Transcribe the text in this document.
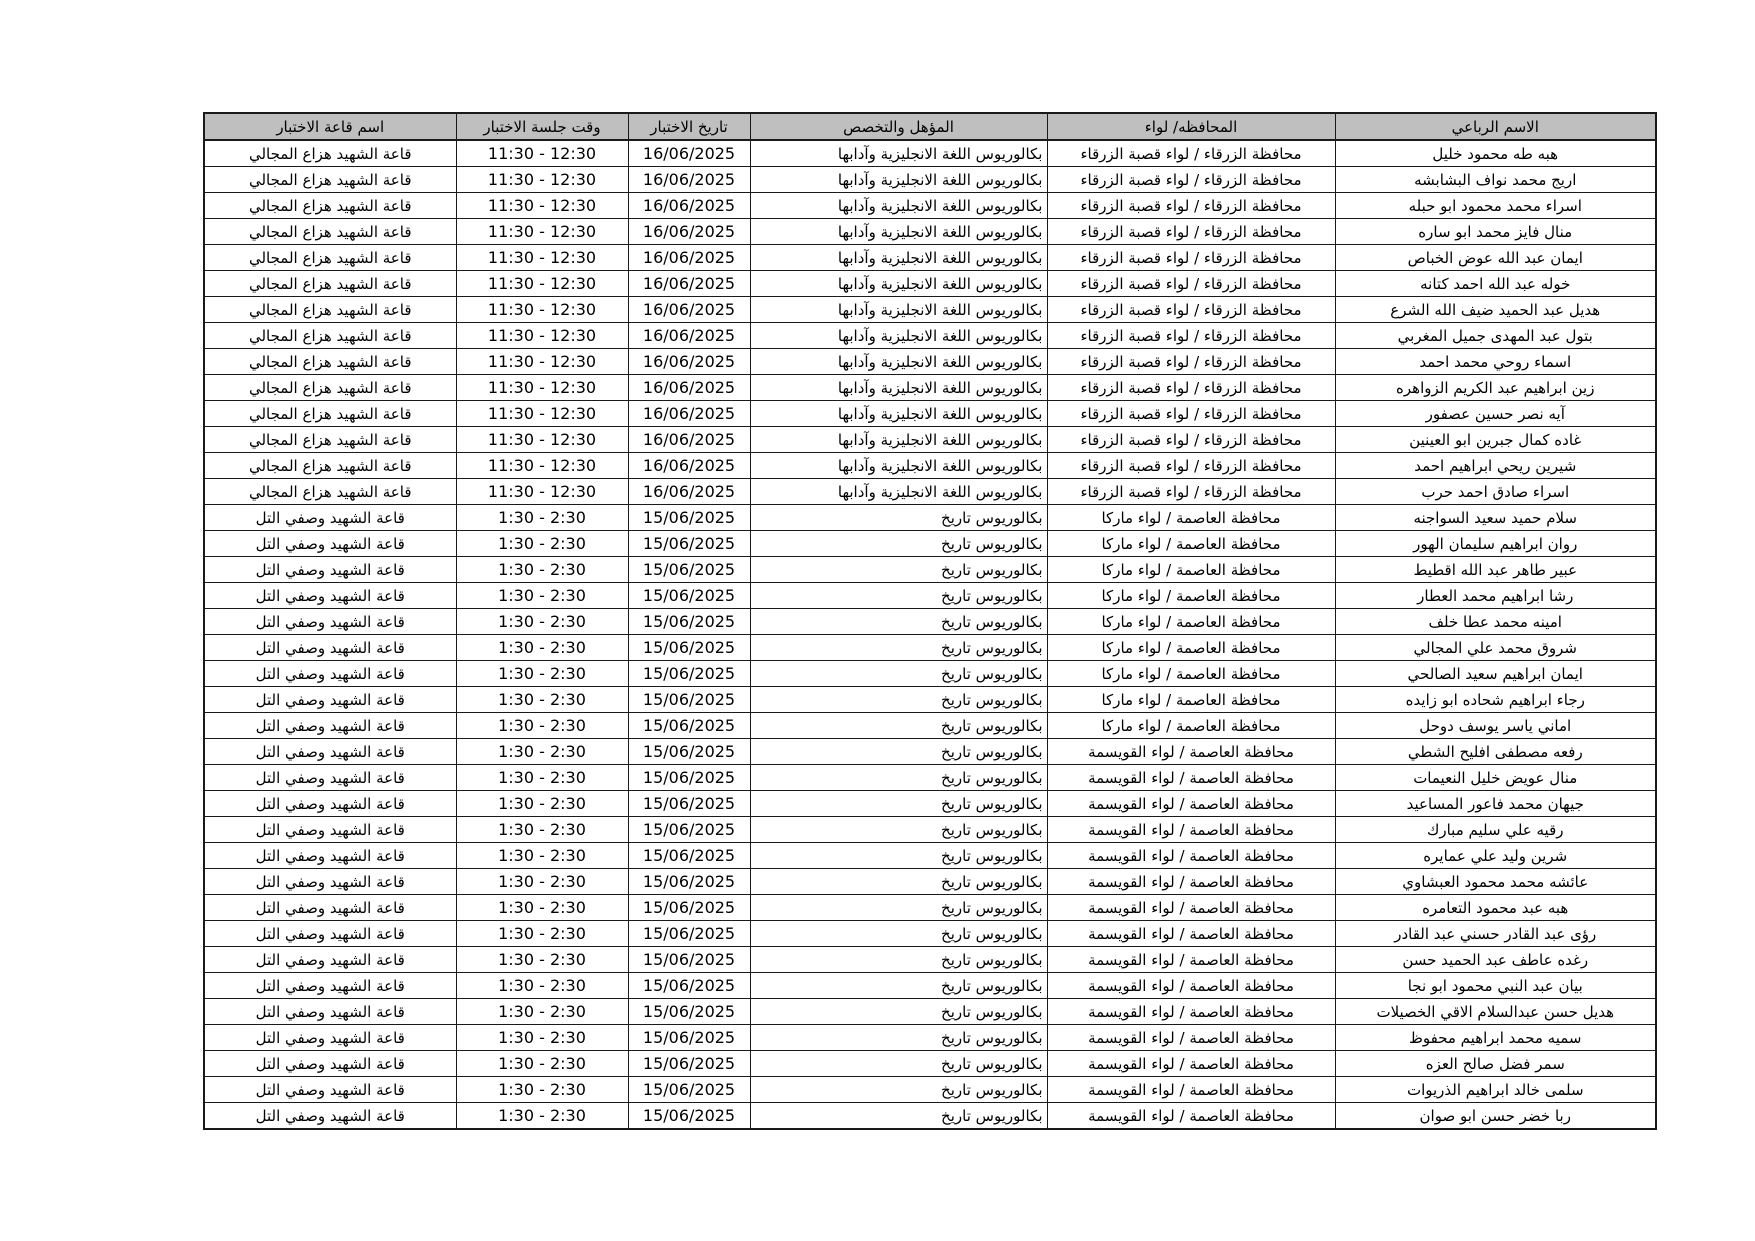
اسم قاعة الاختبار	وقت جلسة الاختبار	تاريخ الاختبار	المؤهل والتخصص	المحافظه/ لواء	الاسم الرباعي
قاعة الشهيد هزاع المجالي	11:30 - 12:30	16/06/2025	بكالوريوس اللغة الانجليزية وآدابها	محافظة الزرقاء / لواء قصبة الزرقاء	هبه طه محمود خليل
قاعة الشهيد هزاع المجالي	11:30 - 12:30	16/06/2025	بكالوريوس اللغة الانجليزية وآدابها	محافظة الزرقاء / لواء قصبة الزرقاء	اريج محمد نواف البشابشه
قاعة الشهيد هزاع المجالي	11:30 - 12:30	16/06/2025	بكالوريوس اللغة الانجليزية وآدابها	محافظة الزرقاء / لواء قصبة الزرقاء	اسراء محمد محمود ابو حبله
قاعة الشهيد هزاع المجالي	11:30 - 12:30	16/06/2025	بكالوريوس اللغة الانجليزية وآدابها	محافظة الزرقاء / لواء قصبة الزرقاء	منال فايز محمد ابو ساره
قاعة الشهيد هزاع المجالي	11:30 - 12:30	16/06/2025	بكالوريوس اللغة الانجليزية وآدابها	محافظة الزرقاء / لواء قصبة الزرقاء	ايمان عبد الله عوض الخباص
قاعة الشهيد هزاع المجالي	11:30 - 12:30	16/06/2025	بكالوريوس اللغة الانجليزية وآدابها	محافظة الزرقاء / لواء قصبة الزرقاء	خوله عبد الله احمد كتانه
قاعة الشهيد هزاع المجالي	11:30 - 12:30	16/06/2025	بكالوريوس اللغة الانجليزية وآدابها	محافظة الزرقاء / لواء قصبة الزرقاء	هديل عبد الحميد ضيف الله الشرع
قاعة الشهيد هزاع المجالي	11:30 - 12:30	16/06/2025	بكالوريوس اللغة الانجليزية وآدابها	محافظة الزرقاء / لواء قصبة الزرقاء	بتول عبد المهدى جميل المغربي
قاعة الشهيد هزاع المجالي	11:30 - 12:30	16/06/2025	بكالوريوس اللغة الانجليزية وآدابها	محافظة الزرقاء / لواء قصبة الزرقاء	اسماء روحي محمد احمد
قاعة الشهيد هزاع المجالي	11:30 - 12:30	16/06/2025	بكالوريوس اللغة الانجليزية وآدابها	محافظة الزرقاء / لواء قصبة الزرقاء	زين ابراهيم عبد الكريم الزواهره
قاعة الشهيد هزاع المجالي	11:30 - 12:30	16/06/2025	بكالوريوس اللغة الانجليزية وآدابها	محافظة الزرقاء / لواء قصبة الزرقاء	آيه نصر حسين عصفور
قاعة الشهيد هزاع المجالي	11:30 - 12:30	16/06/2025	بكالوريوس اللغة الانجليزية وآدابها	محافظة الزرقاء / لواء قصبة الزرقاء	غاده كمال جبرين ابو العينين
قاعة الشهيد هزاع المجالي	11:30 - 12:30	16/06/2025	بكالوريوس اللغة الانجليزية وآدابها	محافظة الزرقاء / لواء قصبة الزرقاء	شيرين ريحي ابراهيم احمد
قاعة الشهيد هزاع المجالي	11:30 - 12:30	16/06/2025	بكالوريوس اللغة الانجليزية وآدابها	محافظة الزرقاء / لواء قصبة الزرقاء	اسراء صادق احمد حرب
قاعة الشهيد وصفي التل	1:30 - 2:30	15/06/2025	بكالوريوس تاريخ	محافظة العاصمة / لواء ماركا	سلام حميد سعيد السواجنه
قاعة الشهيد وصفي التل	1:30 - 2:30	15/06/2025	بكالوريوس تاريخ	محافظة العاصمة / لواء ماركا	روان ابراهيم سليمان الهور
قاعة الشهيد وصفي التل	1:30 - 2:30	15/06/2025	بكالوريوس تاريخ	محافظة العاصمة / لواء ماركا	عبير طاهر عبد الله اقطيط
قاعة الشهيد وصفي التل	1:30 - 2:30	15/06/2025	بكالوريوس تاريخ	محافظة العاصمة / لواء ماركا	رشا ابراهيم محمد العطار
قاعة الشهيد وصفي التل	1:30 - 2:30	15/06/2025	بكالوريوس تاريخ	محافظة العاصمة / لواء ماركا	امينه محمد عطا خلف
قاعة الشهيد وصفي التل	1:30 - 2:30	15/06/2025	بكالوريوس تاريخ	محافظة العاصمة / لواء ماركا	شروق محمد علي المجالي
قاعة الشهيد وصفي التل	1:30 - 2:30	15/06/2025	بكالوريوس تاريخ	محافظة العاصمة / لواء ماركا	ايمان ابراهيم سعيد الصالحي
قاعة الشهيد وصفي التل	1:30 - 2:30	15/06/2025	بكالوريوس تاريخ	محافظة العاصمة / لواء ماركا	رجاء ابراهيم شحاده ابو زايده
قاعة الشهيد وصفي التل	1:30 - 2:30	15/06/2025	بكالوريوس تاريخ	محافظة العاصمة / لواء ماركا	اماني ياسر يوسف دوحل
قاعة الشهيد وصفي التل	1:30 - 2:30	15/06/2025	بكالوريوس تاريخ	محافظة العاصمة / لواء القويسمة	رفعه مصطفى افليح الشطي
قاعة الشهيد وصفي التل	1:30 - 2:30	15/06/2025	بكالوريوس تاريخ	محافظة العاصمة / لواء القويسمة	منال عويض خليل النعيمات
قاعة الشهيد وصفي التل	1:30 - 2:30	15/06/2025	بكالوريوس تاريخ	محافظة العاصمة / لواء القويسمة	جيهان محمد فاعور المساعيد
قاعة الشهيد وصفي التل	1:30 - 2:30	15/06/2025	بكالوريوس تاريخ	محافظة العاصمة / لواء القويسمة	رقيه علي سليم مبارك
قاعة الشهيد وصفي التل	1:30 - 2:30	15/06/2025	بكالوريوس تاريخ	محافظة العاصمة / لواء القويسمة	شرين وليد علي عمايره
قاعة الشهيد وصفي التل	1:30 - 2:30	15/06/2025	بكالوريوس تاريخ	محافظة العاصمة / لواء القويسمة	عائشه محمد محمود العبشاوي
قاعة الشهيد وصفي التل	1:30 - 2:30	15/06/2025	بكالوريوس تاريخ	محافظة العاصمة / لواء القويسمة	هبه عبد محمود التعامره
قاعة الشهيد وصفي التل	1:30 - 2:30	15/06/2025	بكالوريوس تاريخ	محافظة العاصمة / لواء القويسمة	رؤى عبد القادر حسني عبد القادر
قاعة الشهيد وصفي التل	1:30 - 2:30	15/06/2025	بكالوريوس تاريخ	محافظة العاصمة / لواء القويسمة	رغده عاطف عبد الحميد حسن
قاعة الشهيد وصفي التل	1:30 - 2:30	15/06/2025	بكالوريوس تاريخ	محافظة العاصمة / لواء القويسمة	بيان عبد النبي محمود ابو نجا
قاعة الشهيد وصفي التل	1:30 - 2:30	15/06/2025	بكالوريوس تاريخ	محافظة العاصمة / لواء القويسمة	هديل حسن عبدالسلام الاقي الخصيلات
قاعة الشهيد وصفي التل	1:30 - 2:30	15/06/2025	بكالوريوس تاريخ	محافظة العاصمة / لواء القويسمة	سميه محمد ابراهيم محفوظ
قاعة الشهيد وصفي التل	1:30 - 2:30	15/06/2025	بكالوريوس تاريخ	محافظة العاصمة / لواء القويسمة	سمر فضل صالح العزه
قاعة الشهيد وصفي التل	1:30 - 2:30	15/06/2025	بكالوريوس تاريخ	محافظة العاصمة / لواء القويسمة	سلمى خالد ابراهيم الذريوات
قاعة الشهيد وصفي التل	1:30 - 2:30	15/06/2025	بكالوريوس تاريخ	محافظة العاصمة / لواء القويسمة	ربا خضر حسن ابو صوان
